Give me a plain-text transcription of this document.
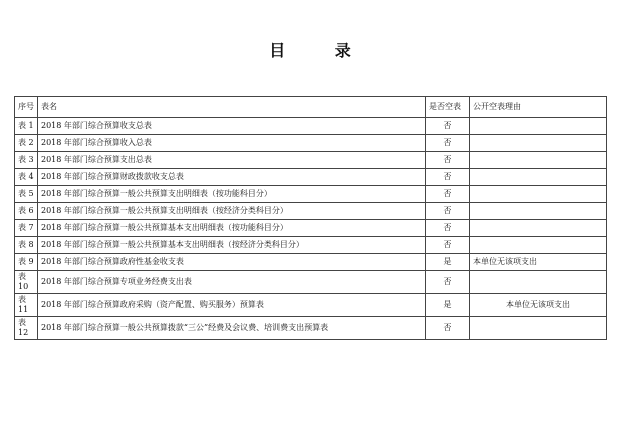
目 录
序号	表名	是否空表	公开空表理由
表 1	2018 年部门综合预算收支总表	否	
表 2	2018 年部门综合预算收入总表	否	
表 3	2018 年部门综合预算支出总表	否	
表 4	2018 年部门综合预算财政拨款收支总表	否	
表 5	2018 年部门综合预算一般公共预算支出明细表（按功能科目分）	否	
表 6	2018 年部门综合预算一般公共预算支出明细表（按经济分类科目分）	否	
表 7	2018 年部门综合预算一般公共预算基本支出明细表（按功能科目分）	否	
表 8	2018 年部门综合预算一般公共预算基本支出明细表（按经济分类科目分）	否	
表 9	2018 年部门综合预算政府性基金收支表	是	本单位无该项支出
表 10	2018 年部门综合预算专项业务经费支出表	否	
表 11	2018 年部门综合预算政府采购（资产配置、购买服务）预算表	是	本单位无该项支出
表 12	2018 年部门综合预算一般公共预算拨款“三公”经费及会议费、培训费支出预算表	否	
